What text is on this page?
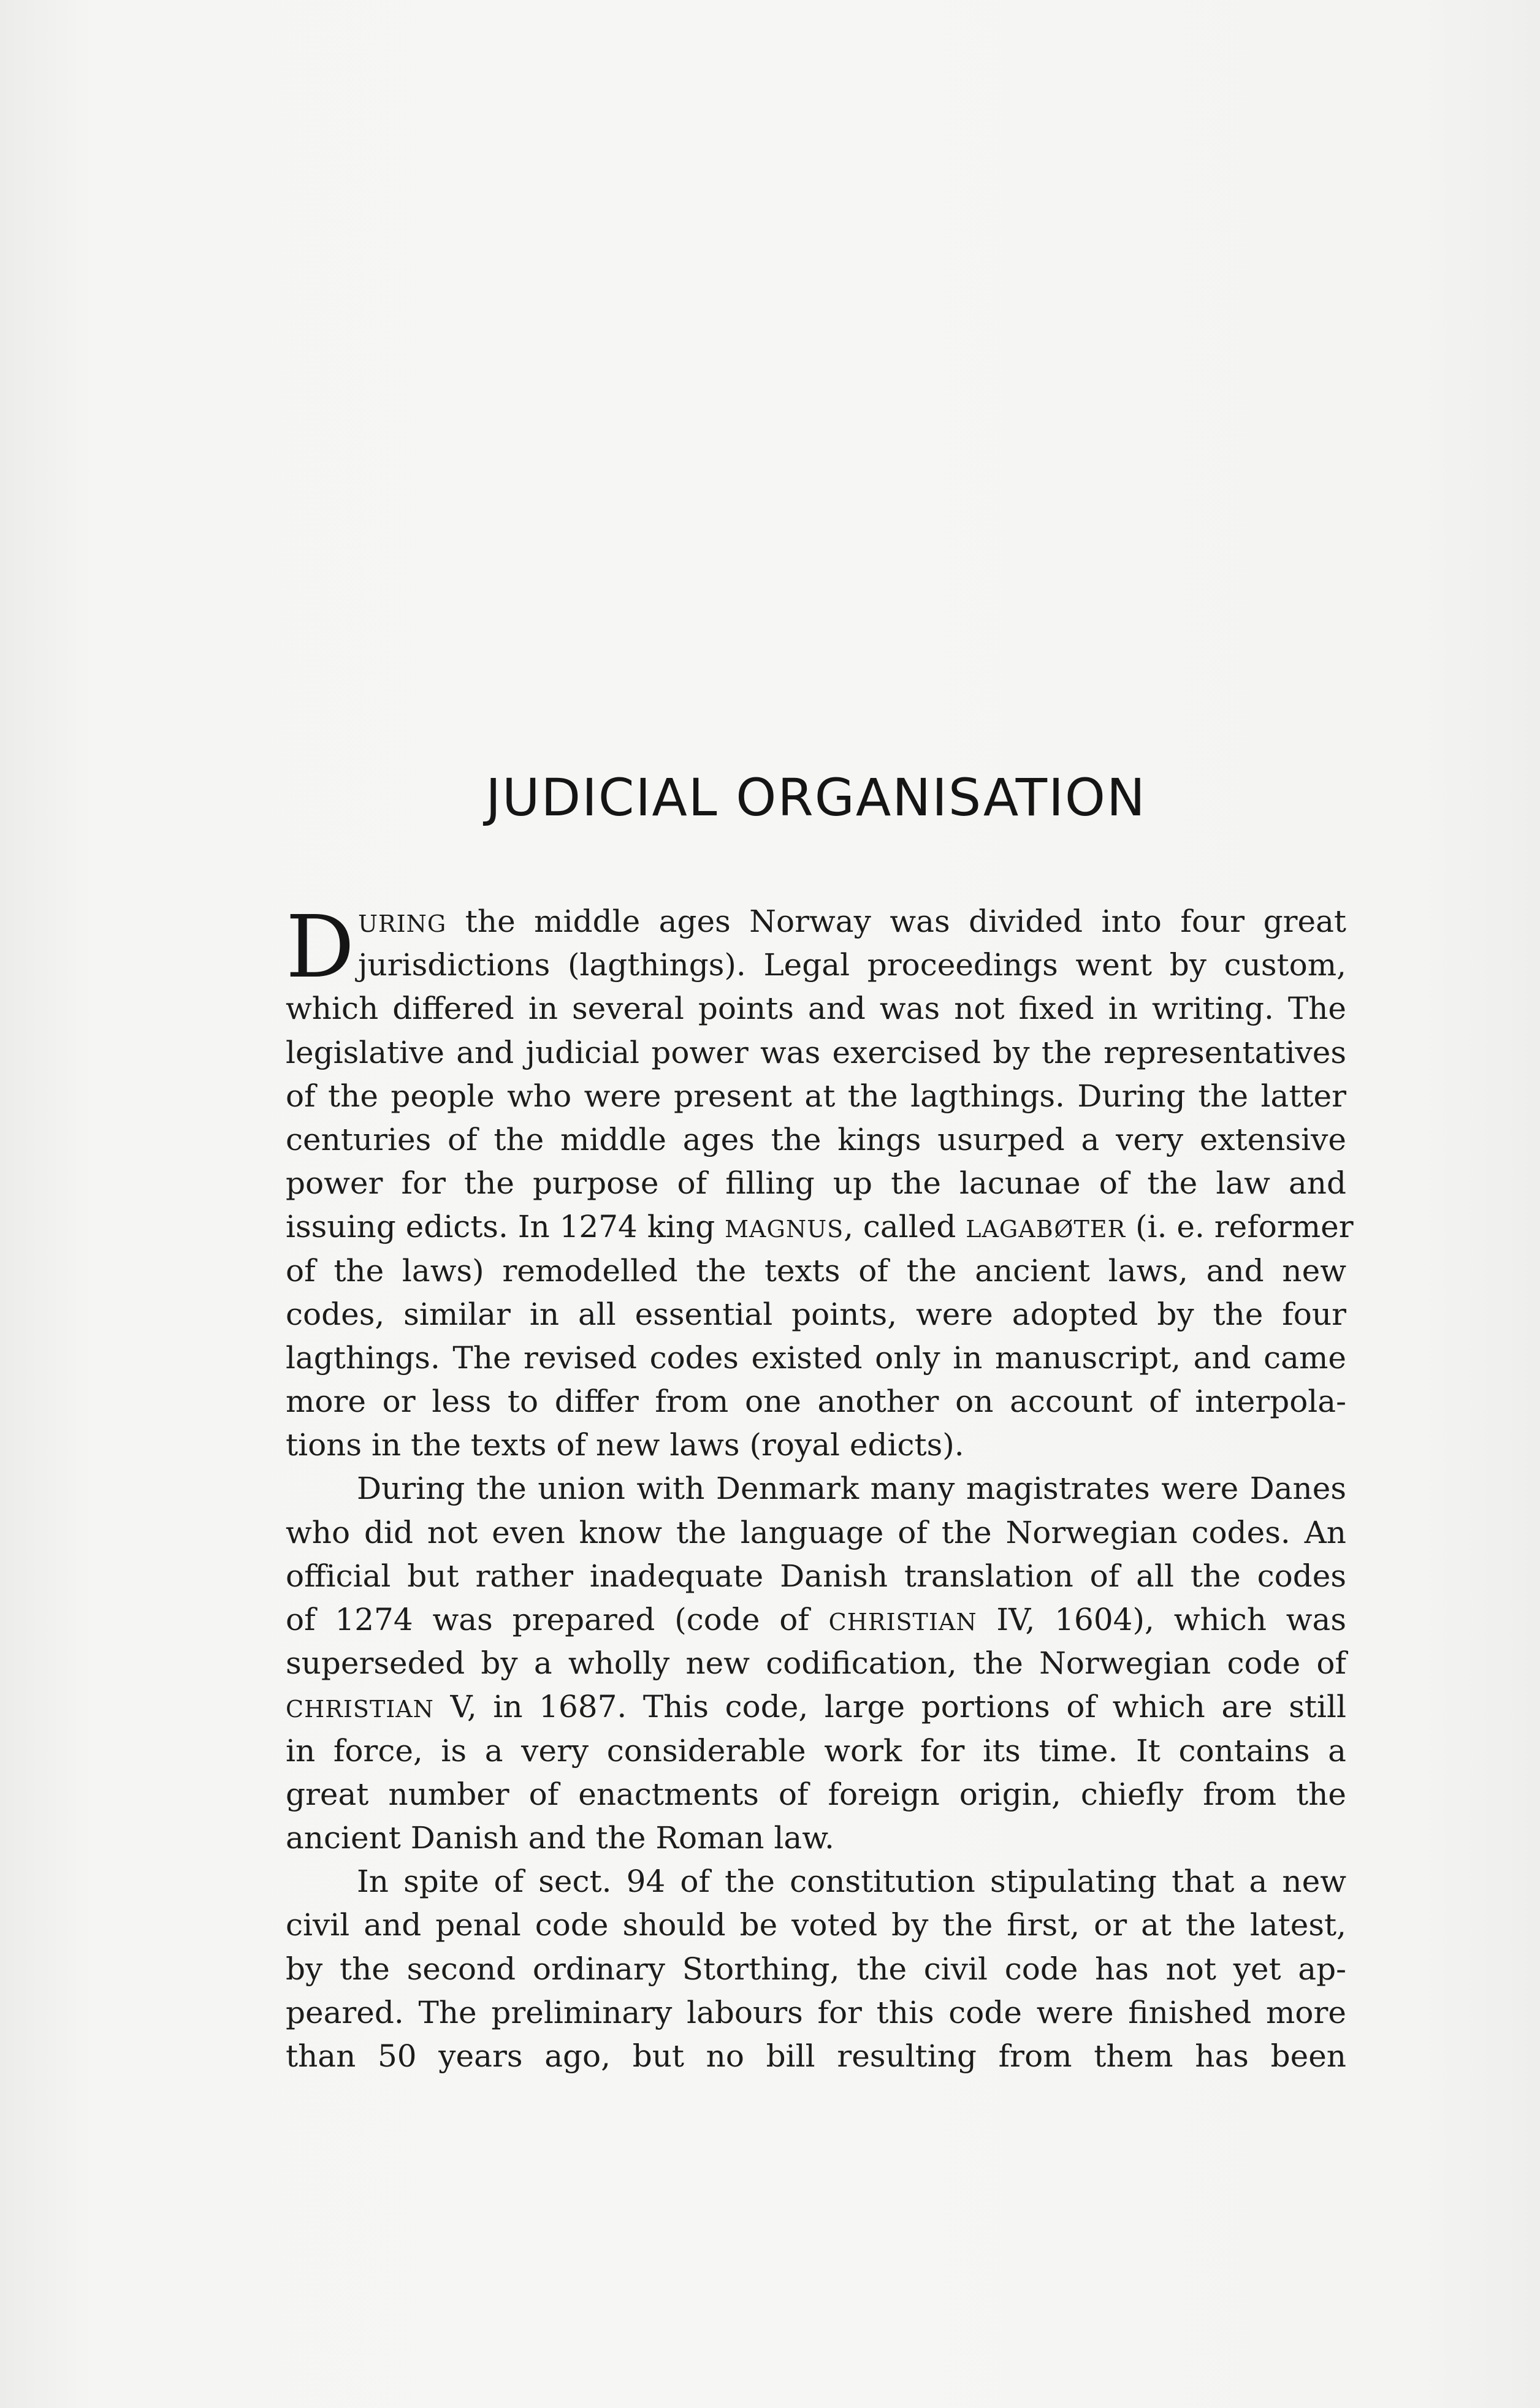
JUDICIAL ORGANISATION
D URING the middle ages Norway was divided into four great
jurisdictions (lagthings). Legal proceedings went by custom,
which differed in several points and was not fixed in writing. The
legislative and judicial power was exercised by the representatives
of the people who were present at the lagthings. During the latter
centuries of the middle ages the kings usurped a very extensive
power for the purpose of filling up the lacunae of the law and
issuing edicts. In 1274 king MAGNUS, called LAGABØTER (i. e. reformer
of the laws) remodelled the texts of the ancient laws, and new
codes, similar in all essential points, were adopted by the four
lagthings. The revised codes existed only in manuscript, and came
more or less to differ from one another on account of interpola-
tions in the texts of new laws (royal edicts).
During the union with Denmark many magistrates were Danes
who did not even know the language of the Norwegian codes. An
official but rather inadequate Danish translation of all the codes
of 1274 was prepared (code of CHRISTIAN IV, 1604), which was
superseded by a wholly new codification, the Norwegian code of
CHRISTIAN V, in 1687. This code, large portions of which are still
in force, is a very considerable work for its time. It contains a
great number of enactments of foreign origin, chiefly from the
ancient Danish and the Roman law.
In spite of sect. 94 of the constitution stipulating that a new
civil and penal code should be voted by the first, or at the latest,
by the second ordinary Storthing, the civil code has not yet ap-
peared. The preliminary labours for this code were finished more
than 50 years ago, but no bill resulting from them has been
